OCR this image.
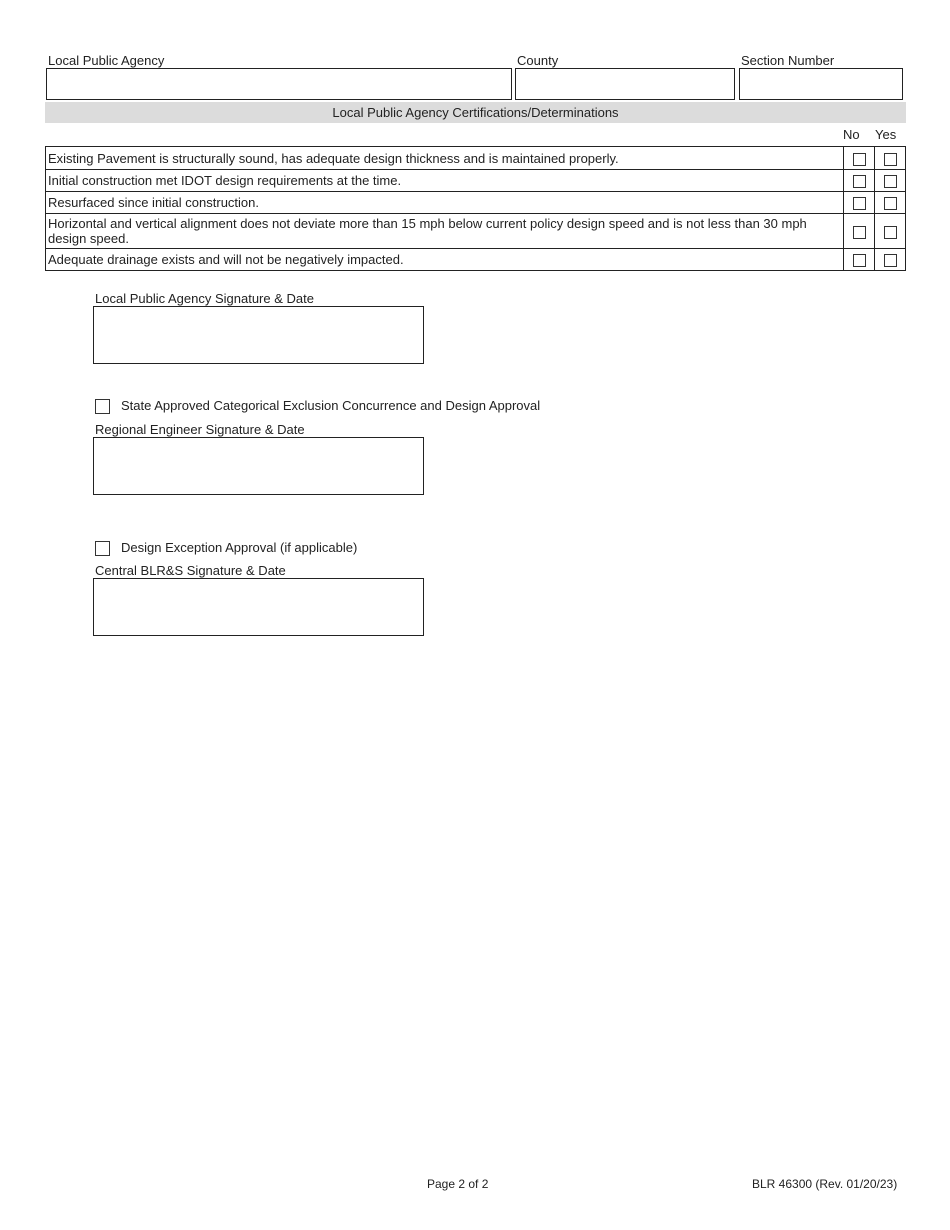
Local Public Agency	County	Section Number
Local Public Agency Certifications/Determinations
No Yes
Existing Pavement is structurally sound, has adequate design thickness and is maintained properly.		
Initial construction met IDOT design requirements at the time.		
Resurfaced since initial construction.		
Horizontal and vertical alignment does not deviate more than 15 mph below current policy design speed and is not less than 30 mph design speed.		
Adequate drainage exists and will not be negatively impacted.		
Local Public Agency Signature & Date
State Approved Categorical Exclusion Concurrence and Design Approval
Regional Engineer Signature & Date
Design Exception Approval (if applicable)
Central BLR&S Signature & Date
Page 2 of 2	BLR 46300 (Rev. 01/20/23)
